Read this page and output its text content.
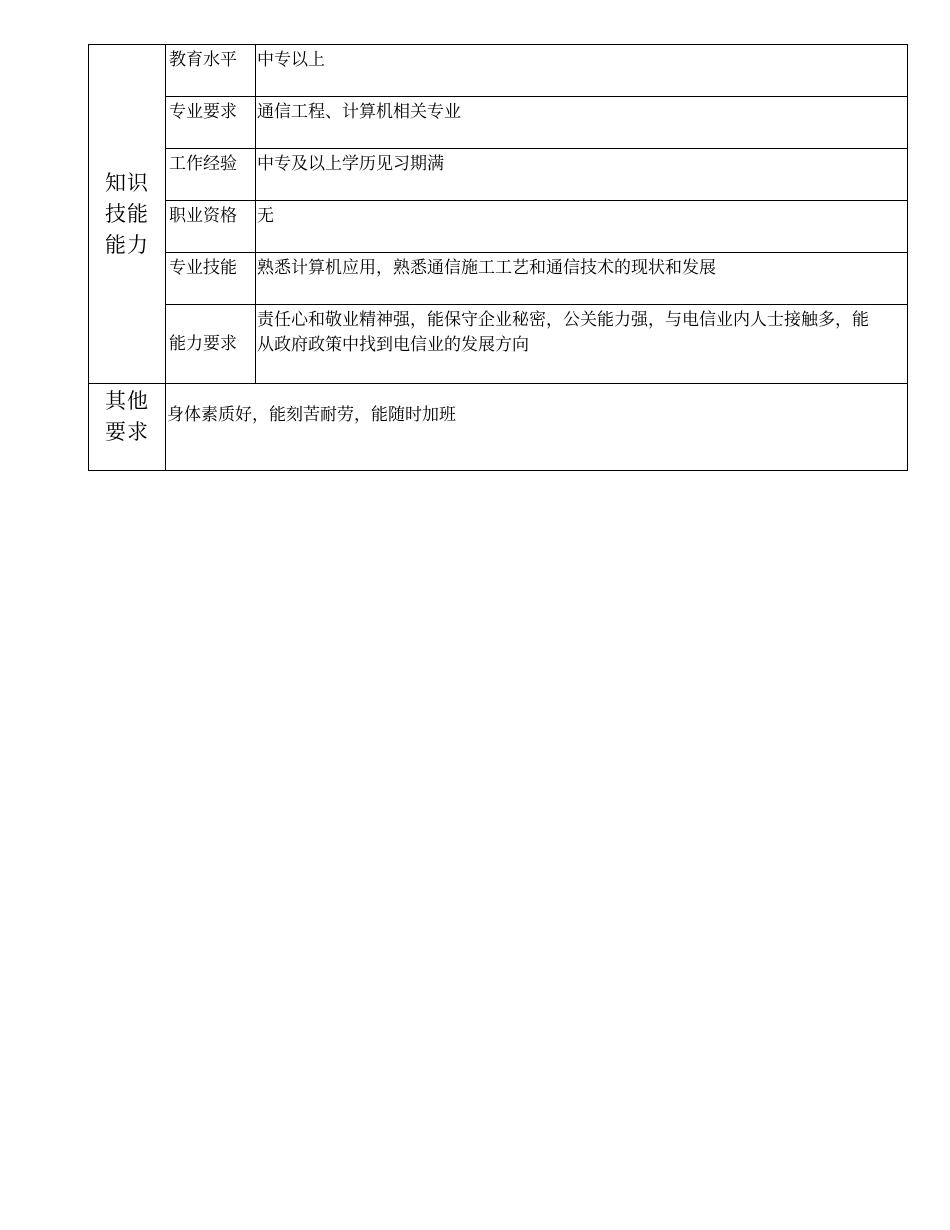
知识
技能
能力	教育水平	中专以上
	专业要求	通信工程、计算机相关专业
	工作经验	中专及以上学历见习期满
	职业资格	无
	专业技能	熟悉计算机应用，熟悉通信施工工艺和通信技术的现状和发展
	能力要求	责任心和敬业精神强，能保守企业秘密，公关能力强，与电信业内人士接触多，能从政府政策中找到电信业的发展方向

其他
要求	身体素质好，能刻苦耐劳，能随时加班	
